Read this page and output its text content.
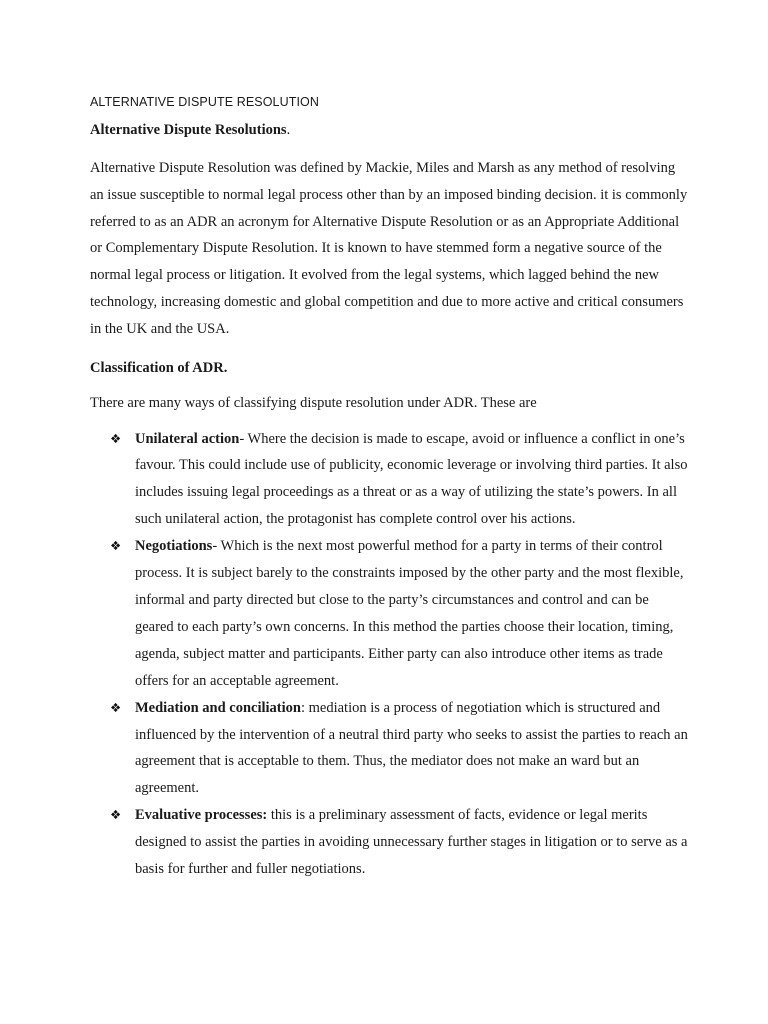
ALTERNATIVE DISPUTE RESOLUTION
Alternative Dispute Resolutions.

Alternative Dispute Resolution was defined by Mackie, Miles and Marsh as any method of resolving an issue susceptible to normal legal process other than by an imposed binding decision. it is commonly referred to as an ADR an acronym for Alternative Dispute Resolution or as an Appropriate Additional or Complementary Dispute Resolution. It is known to have stemmed form a negative source of the normal legal process or litigation. It evolved from the legal systems, which lagged behind the new technology, increasing domestic and global competition and due to more active and critical consumers in the UK and the USA.

Classification of ADR.

There are many ways of classifying dispute resolution under ADR. These are

❖ Unilateral action- Where the decision is made to escape, avoid or influence a conflict in one’s favour. This could include use of publicity, economic leverage or involving third parties. It also includes issuing legal proceedings as a threat or as a way of utilizing the state’s powers. In all such unilateral action, the protagonist has complete control over his actions.
❖ Negotiations- Which is the next most powerful method for a party in terms of their control process. It is subject barely to the constraints imposed by the other party and the most flexible, informal and party directed but close to the party’s circumstances and control and can be geared to each party’s own concerns. In this method the parties choose their location, timing, agenda, subject matter and participants. Either party can also introduce other items as trade offers for an acceptable agreement.
❖ Mediation and conciliation: mediation is a process of negotiation which is structured and influenced by the intervention of a neutral third party who seeks to assist the parties to reach an agreement that is acceptable to them. Thus, the mediator does not make an ward but an agreement.
❖ Evaluative processes: this is a preliminary assessment of facts, evidence or legal merits designed to assist the parties in avoiding unnecessary further stages in litigation or to serve as a basis for further and fuller negotiations.
